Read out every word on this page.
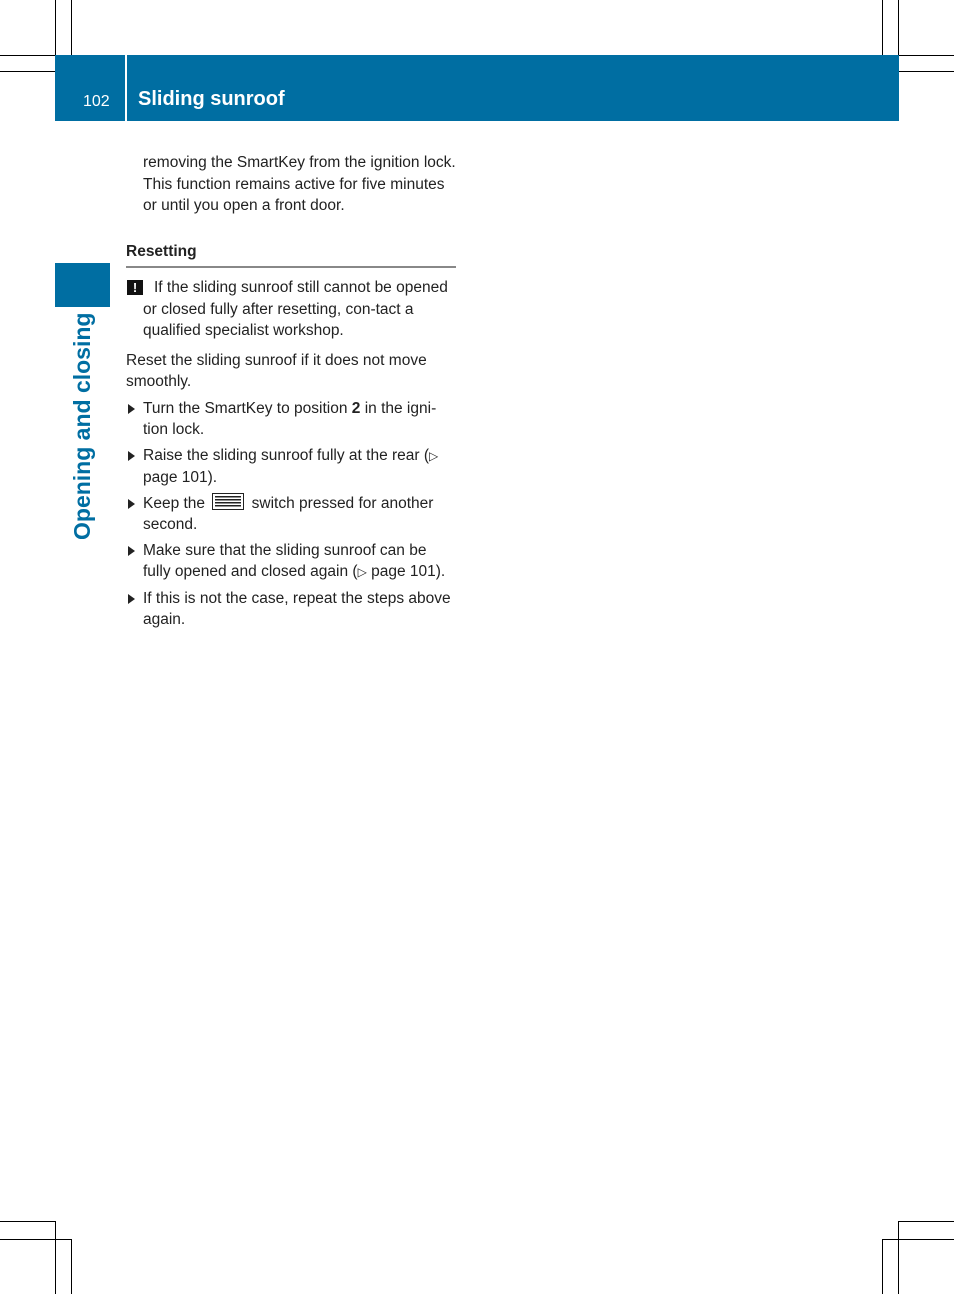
102 Sliding sunroof
Opening and closing

removing the SmartKey from the ignition lock. This function remains active for five minutes or until you open a front door.

Resetting

!	If the sliding sunroof still cannot be opened or closed fully after resetting, con-tact a qualified specialist workshop.

Reset the sliding sunroof if it does not move smoothly.

Turn the SmartKey to position 2 in the igni-tion lock.
Raise the sliding sunroof fully at the rear (▷ page 101).
Keep the  switch pressed for another second.
Make sure that the sliding sunroof can be fully opened and closed again (▷ page 101).
If this is not the case, repeat the steps above again.
